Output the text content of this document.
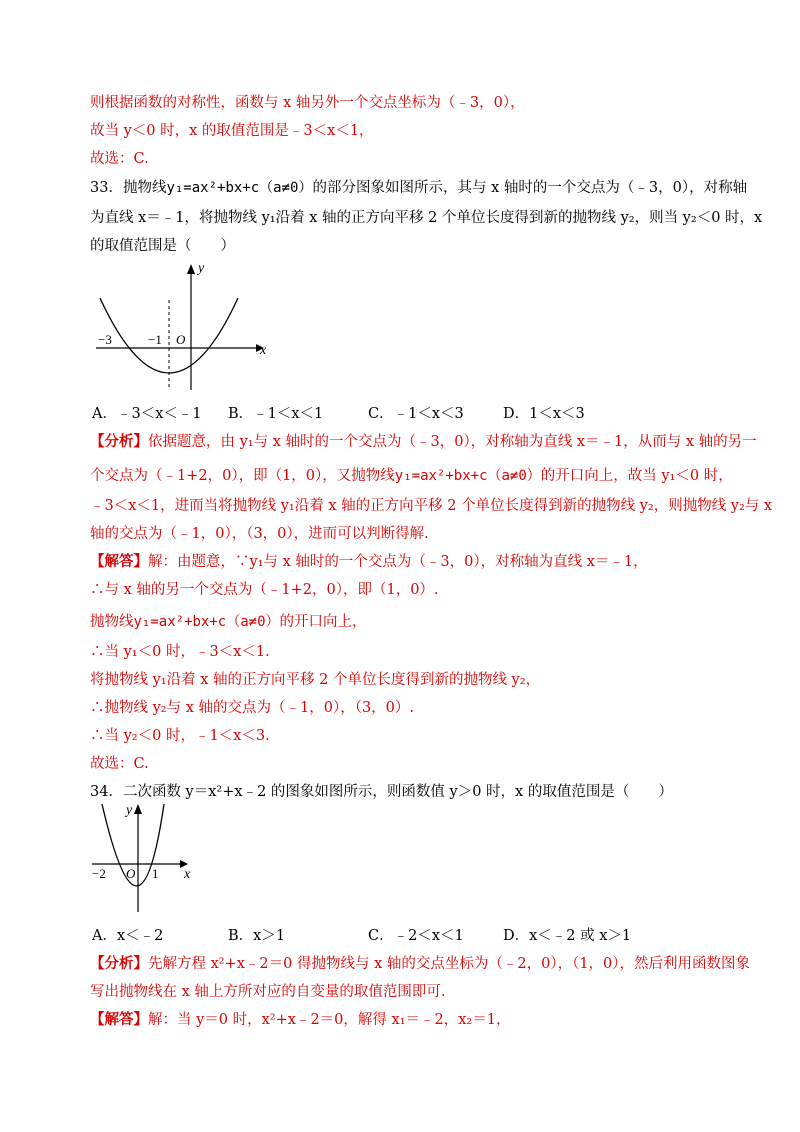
则根据函数的对称性，函数与 x 轴另外一个交点坐标为（﹣3，0），
故当 y＜0 时，x 的取值范围是﹣3＜x＜1，
故选：C.
33．抛物线y₁=ax²+bx+c（a≠0）的部分图象如图所示，其与 x 轴时的一个交点为（﹣3，0），对称轴
为直线 x＝﹣1，将抛物线 y₁沿着 x 轴的正方向平移 2 个单位长度得到新的抛物线 y₂，则当 y₂＜0 时，x
的取值范围是（　　）
y
x
O
−3	−1
A．﹣3＜x＜﹣1 B．﹣1＜x＜1	C．﹣1＜x＜3	D．1＜x＜3
【分析】依据题意，由 y₁与 x 轴时的一个交点为（﹣3，0），对称轴为直线 x＝﹣1，从而与 x 轴的另一
个交点为（﹣1+2，0），即（1，0），又抛物线y₁=ax²+bx+c（a≠0）的开口向上，故当 y₁＜0 时，
﹣3＜x＜1，进而当将抛物线 y₁沿着 x 轴的正方向平移 2 个单位长度得到新的抛物线 y₂，则抛物线 y₂与 x
轴的交点为（﹣1，0），（3，0），进而可以判断得解.
【解答】解：由题意，∵y₁与 x 轴时的一个交点为（﹣3，0），对称轴为直线 x＝﹣1，
∴与 x 轴的另一个交点为（﹣1+2，0），即（1，0）.
抛物线y₁=ax²+bx+c（a≠0）的开口向上，
∴当 y₁＜0 时，﹣3＜x＜1.
将抛物线 y₁沿着 x 轴的正方向平移 2 个单位长度得到新的抛物线 y₂，
∴抛物线 y₂与 x 轴的交点为（﹣1，0），（3，0）.
∴当 y₂＜0 时，﹣1＜x＜3.
故选：C.
34．二次函数 y＝x²+x﹣2 的图象如图所示，则函数值 y＞0 时，x 的取值范围是（　　）
y
x
O
−2	1
A．x＜﹣2	B．x＞1	C．﹣2＜x＜1	D．x＜﹣2 或 x＞1
【分析】先解方程 x²+x﹣2＝0 得抛物线与 x 轴的交点坐标为（﹣2，0），（1，0），然后利用函数图象
写出抛物线在 x 轴上方所对应的自变量的取值范围即可.
【解答】解：当 y＝0 时，x²+x﹣2＝0，解得 x₁＝﹣2，x₂＝1，
